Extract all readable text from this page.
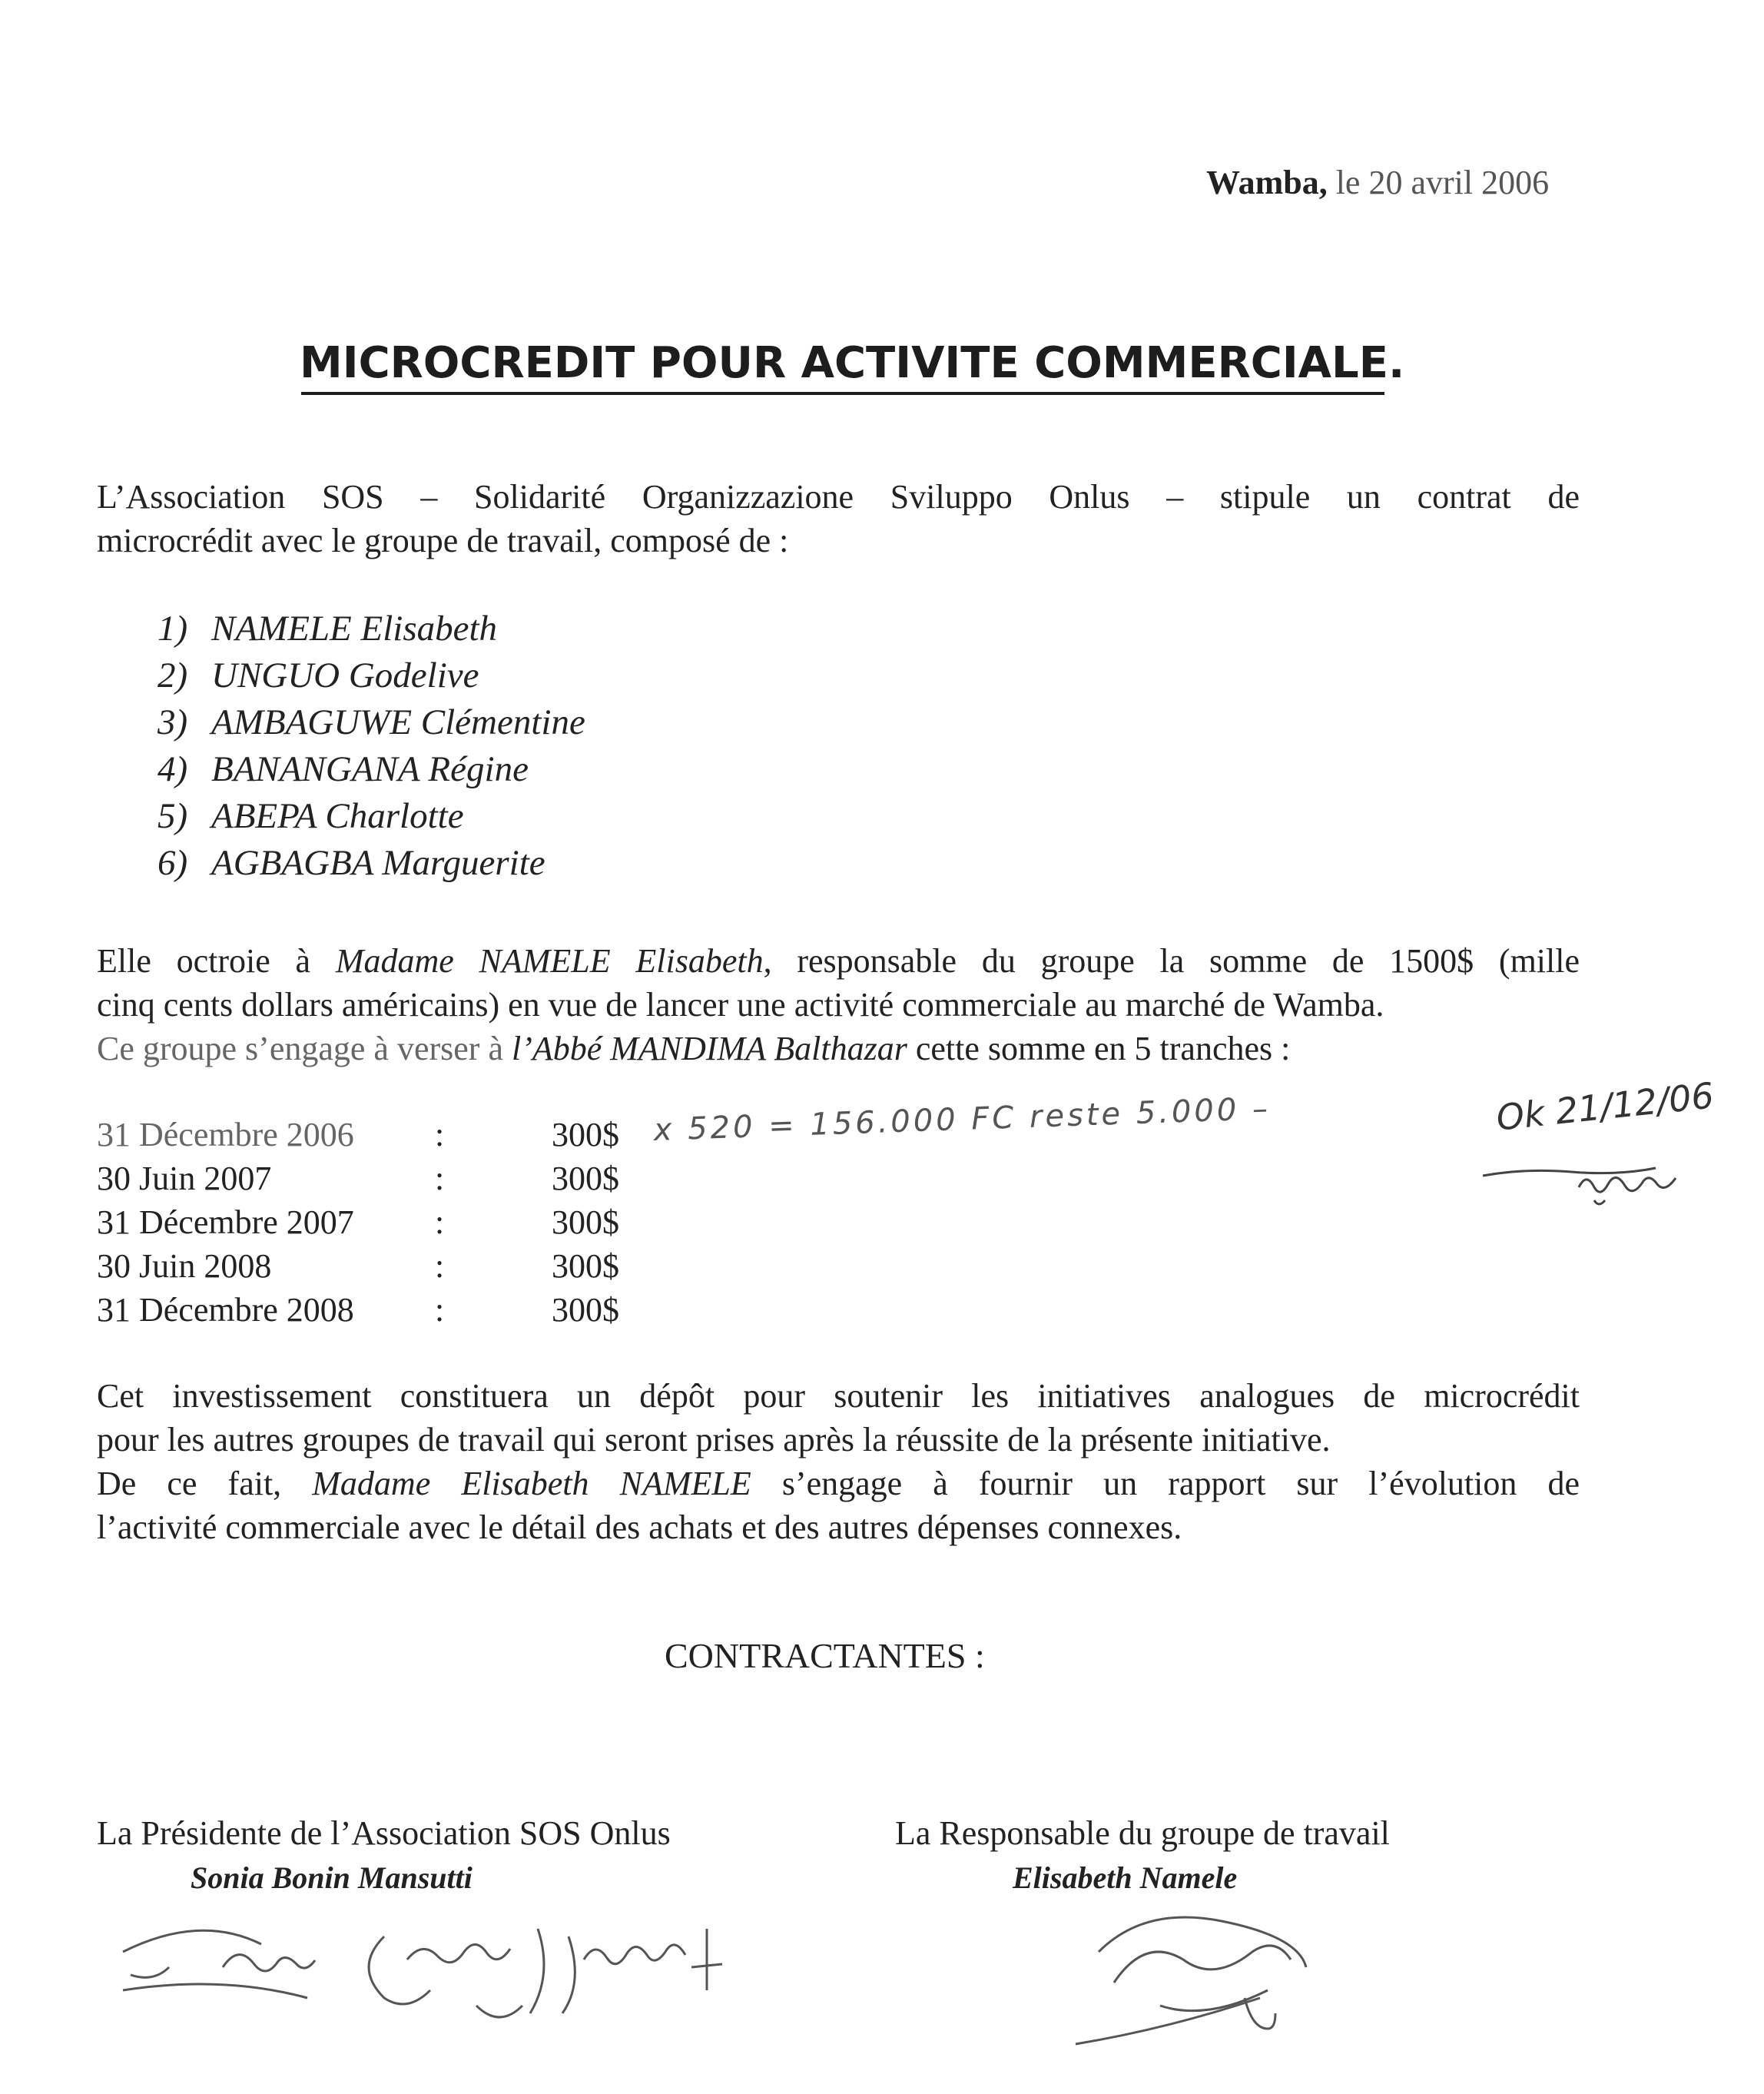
Wamba, le 20 avril 2006
MICROCREDIT POUR ACTIVITE COMMERCIALE.
L’Association SOS – Solidarité Organizzazione Sviluppo Onlus – stipule un contrat de
microcrédit avec le groupe de travail, composé de :
1) NAMELE Elisabeth
2) UNGUO Godelive
3) AMBAGUWE Clémentine
4) BANANGANA Régine
5) ABEPA Charlotte
6) AGBAGBA Marguerite
Elle octroie à Madame NAMELE Elisabeth, responsable du groupe la somme de 1500$ (mille
cinq cents dollars américains) en vue de lancer une activité commerciale au marché de Wamba.
Ce groupe s’engage à verser à l’Abbé MANDIMA Balthazar cette somme en 5 tranches :
31 Décembre 2006	:	300$
30 Juin 2007	:	300$
31 Décembre 2007	:	300$
30 Juin 2008	:	300$
31 Décembre 2008	:	300$
x 520 = 156.000 FC reste 5.000 –	Ok 21/12/06
Cet investissement constituera un dépôt pour soutenir les initiatives analogues de microcrédit
pour les autres groupes de travail qui seront prises après la réussite de la présente initiative.
De ce fait, Madame Elisabeth NAMELE s’engage à fournir un rapport sur l’évolution de
l’activité commerciale avec le détail des achats et des autres dépenses connexes.
CONTRACTANTES :
La Présidente de l’Association SOS Onlus
Sonia Bonin Mansutti
La Responsable du groupe de travail
Elisabeth Namele
